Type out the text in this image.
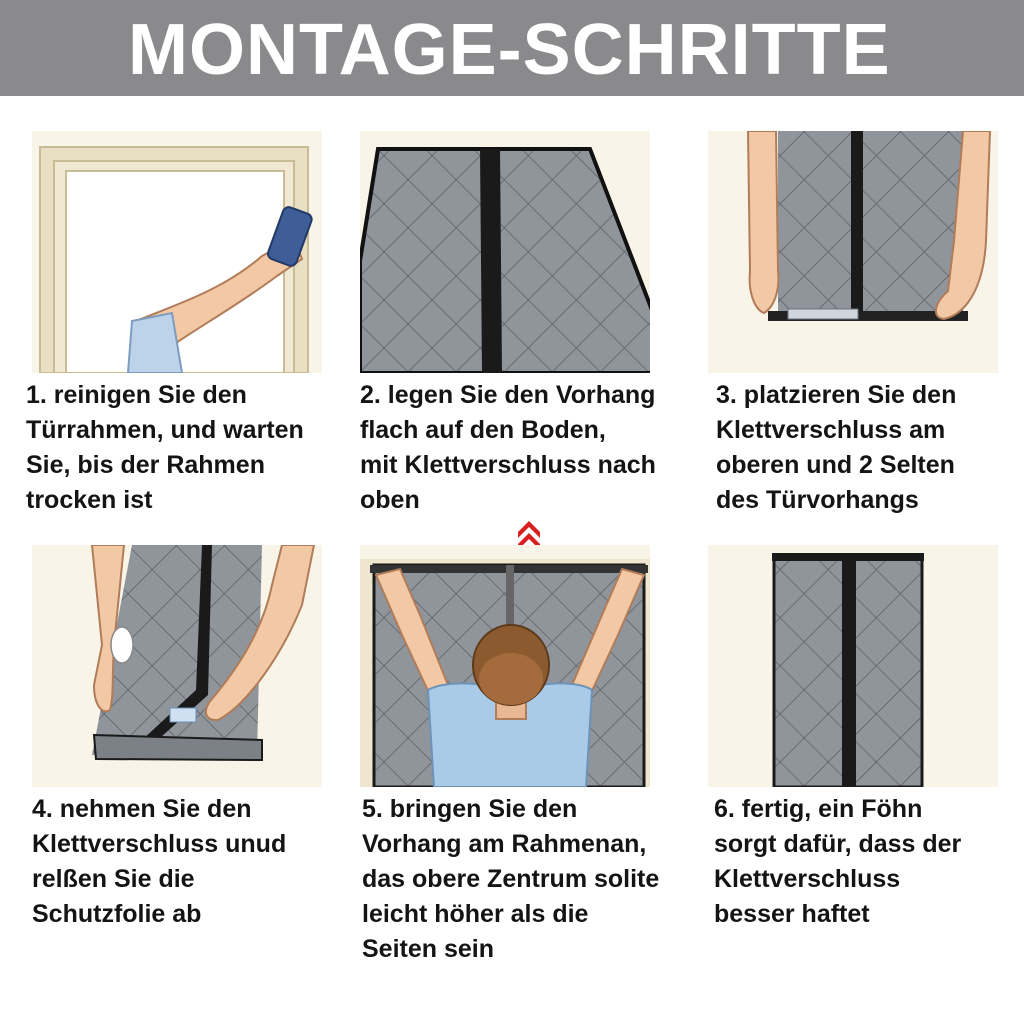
MONTAGE-SCHRITTE
1. reinigen Sie den
Türrahmen, und warten
Sie, bis der Rahmen
trocken ist
2. legen Sie den Vorhang
flach auf den Boden,
mit Klettverschluss nach
oben
3. platzieren Sie den
Klettverschluss am
oberen und 2 Selten
des Türvorhangs
4. nehmen Sie den
Klettverschluss unud
relßen Sie die
Schutzfolie ab
5. bringen Sie den
Vorhang am Rahmenan,
das obere Zentrum solite
leicht höher als die
Seiten sein
6. fertig, ein Föhn
sorgt dafür, dass der
Klettverschluss
besser haftet
